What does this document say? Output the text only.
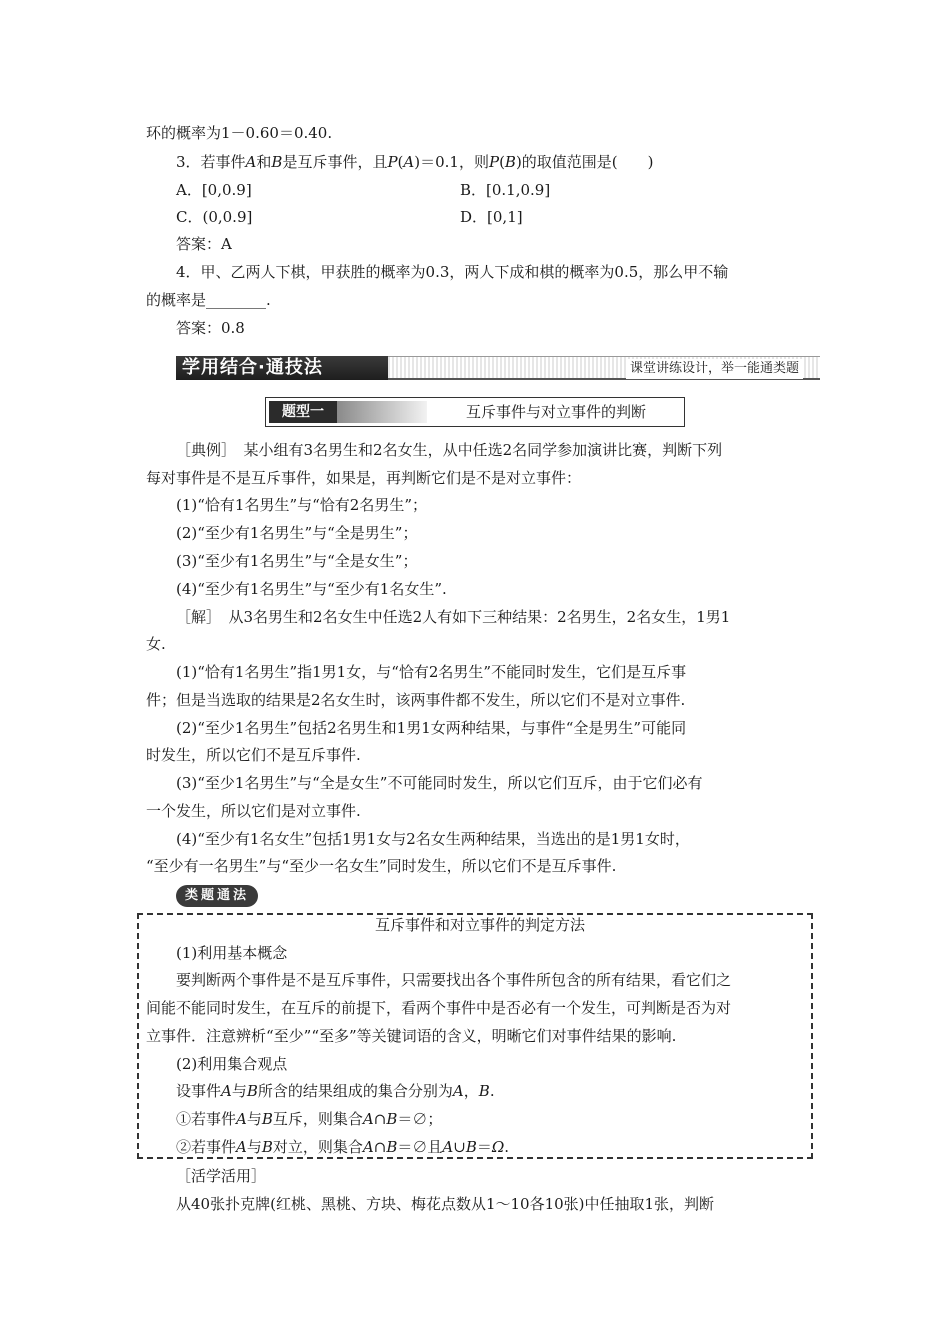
环的概率为1－0.60＝0.40.
3．若事件A和B是互斥事件，且P(A)＝0.1，则P(B)的取值范围是(　　)
A．[0,0.9]	B．[0.1,0.9]
C．(0,0.9]	D．[0,1]
答案：A
4．甲、乙两人下棋，甲获胜的概率为0.3，两人下成和棋的概率为0.5，那么甲不输
的概率是________.
答案：0.8
学用结合·通技法	课堂讲练设计，举一能通类题
题型一	互斥事件与对立事件的判断
［典例］　某小组有3名男生和2名女生，从中任选2名同学参加演讲比赛，判断下列
每对事件是不是互斥事件，如果是，再判断它们是不是对立事件：
(1)“恰有1名男生”与“恰有2名男生”；
(2)“至少有1名男生”与“全是男生”；
(3)“至少有1名男生”与“全是女生”；
(4)“至少有1名男生”与“至少有1名女生”.
［解］　从3名男生和2名女生中任选2人有如下三种结果：2名男生，2名女生，1男1
女.
(1)“恰有1名男生”指1男1女，与“恰有2名男生”不能同时发生，它们是互斥事
件；但是当选取的结果是2名女生时，该两事件都不发生，所以它们不是对立事件.
(2)“至少1名男生”包括2名男生和1男1女两种结果，与事件“全是男生”可能同
时发生，所以它们不是互斥事件.
(3)“至少1名男生”与“全是女生”不可能同时发生，所以它们互斥，由于它们必有
一个发生，所以它们是对立事件.
(4)“至少有1名女生”包括1男1女与2名女生两种结果，当选出的是1男1女时，
“至少有一名男生”与“至少一名女生”同时发生，所以它们不是互斥事件.
类题通法
互斥事件和对立事件的判定方法
(1)利用基本概念
要判断两个事件是不是互斥事件，只需要找出各个事件所包含的所有结果，看它们之
间能不能同时发生，在互斥的前提下，看两个事件中是否必有一个发生，可判断是否为对
立事件．注意辨析“至少”“至多”等关键词语的含义，明晰它们对事件结果的影响.
(2)利用集合观点
设事件A与B所含的结果组成的集合分别为A，B.
①若事件A与B互斥，则集合A∩B＝∅；
②若事件A与B对立，则集合A∩B＝∅且A∪B＝Ω.
［活学活用］
从40张扑克牌(红桃、黑桃、方块、梅花点数从1～10各10张)中任抽取1张，判断
